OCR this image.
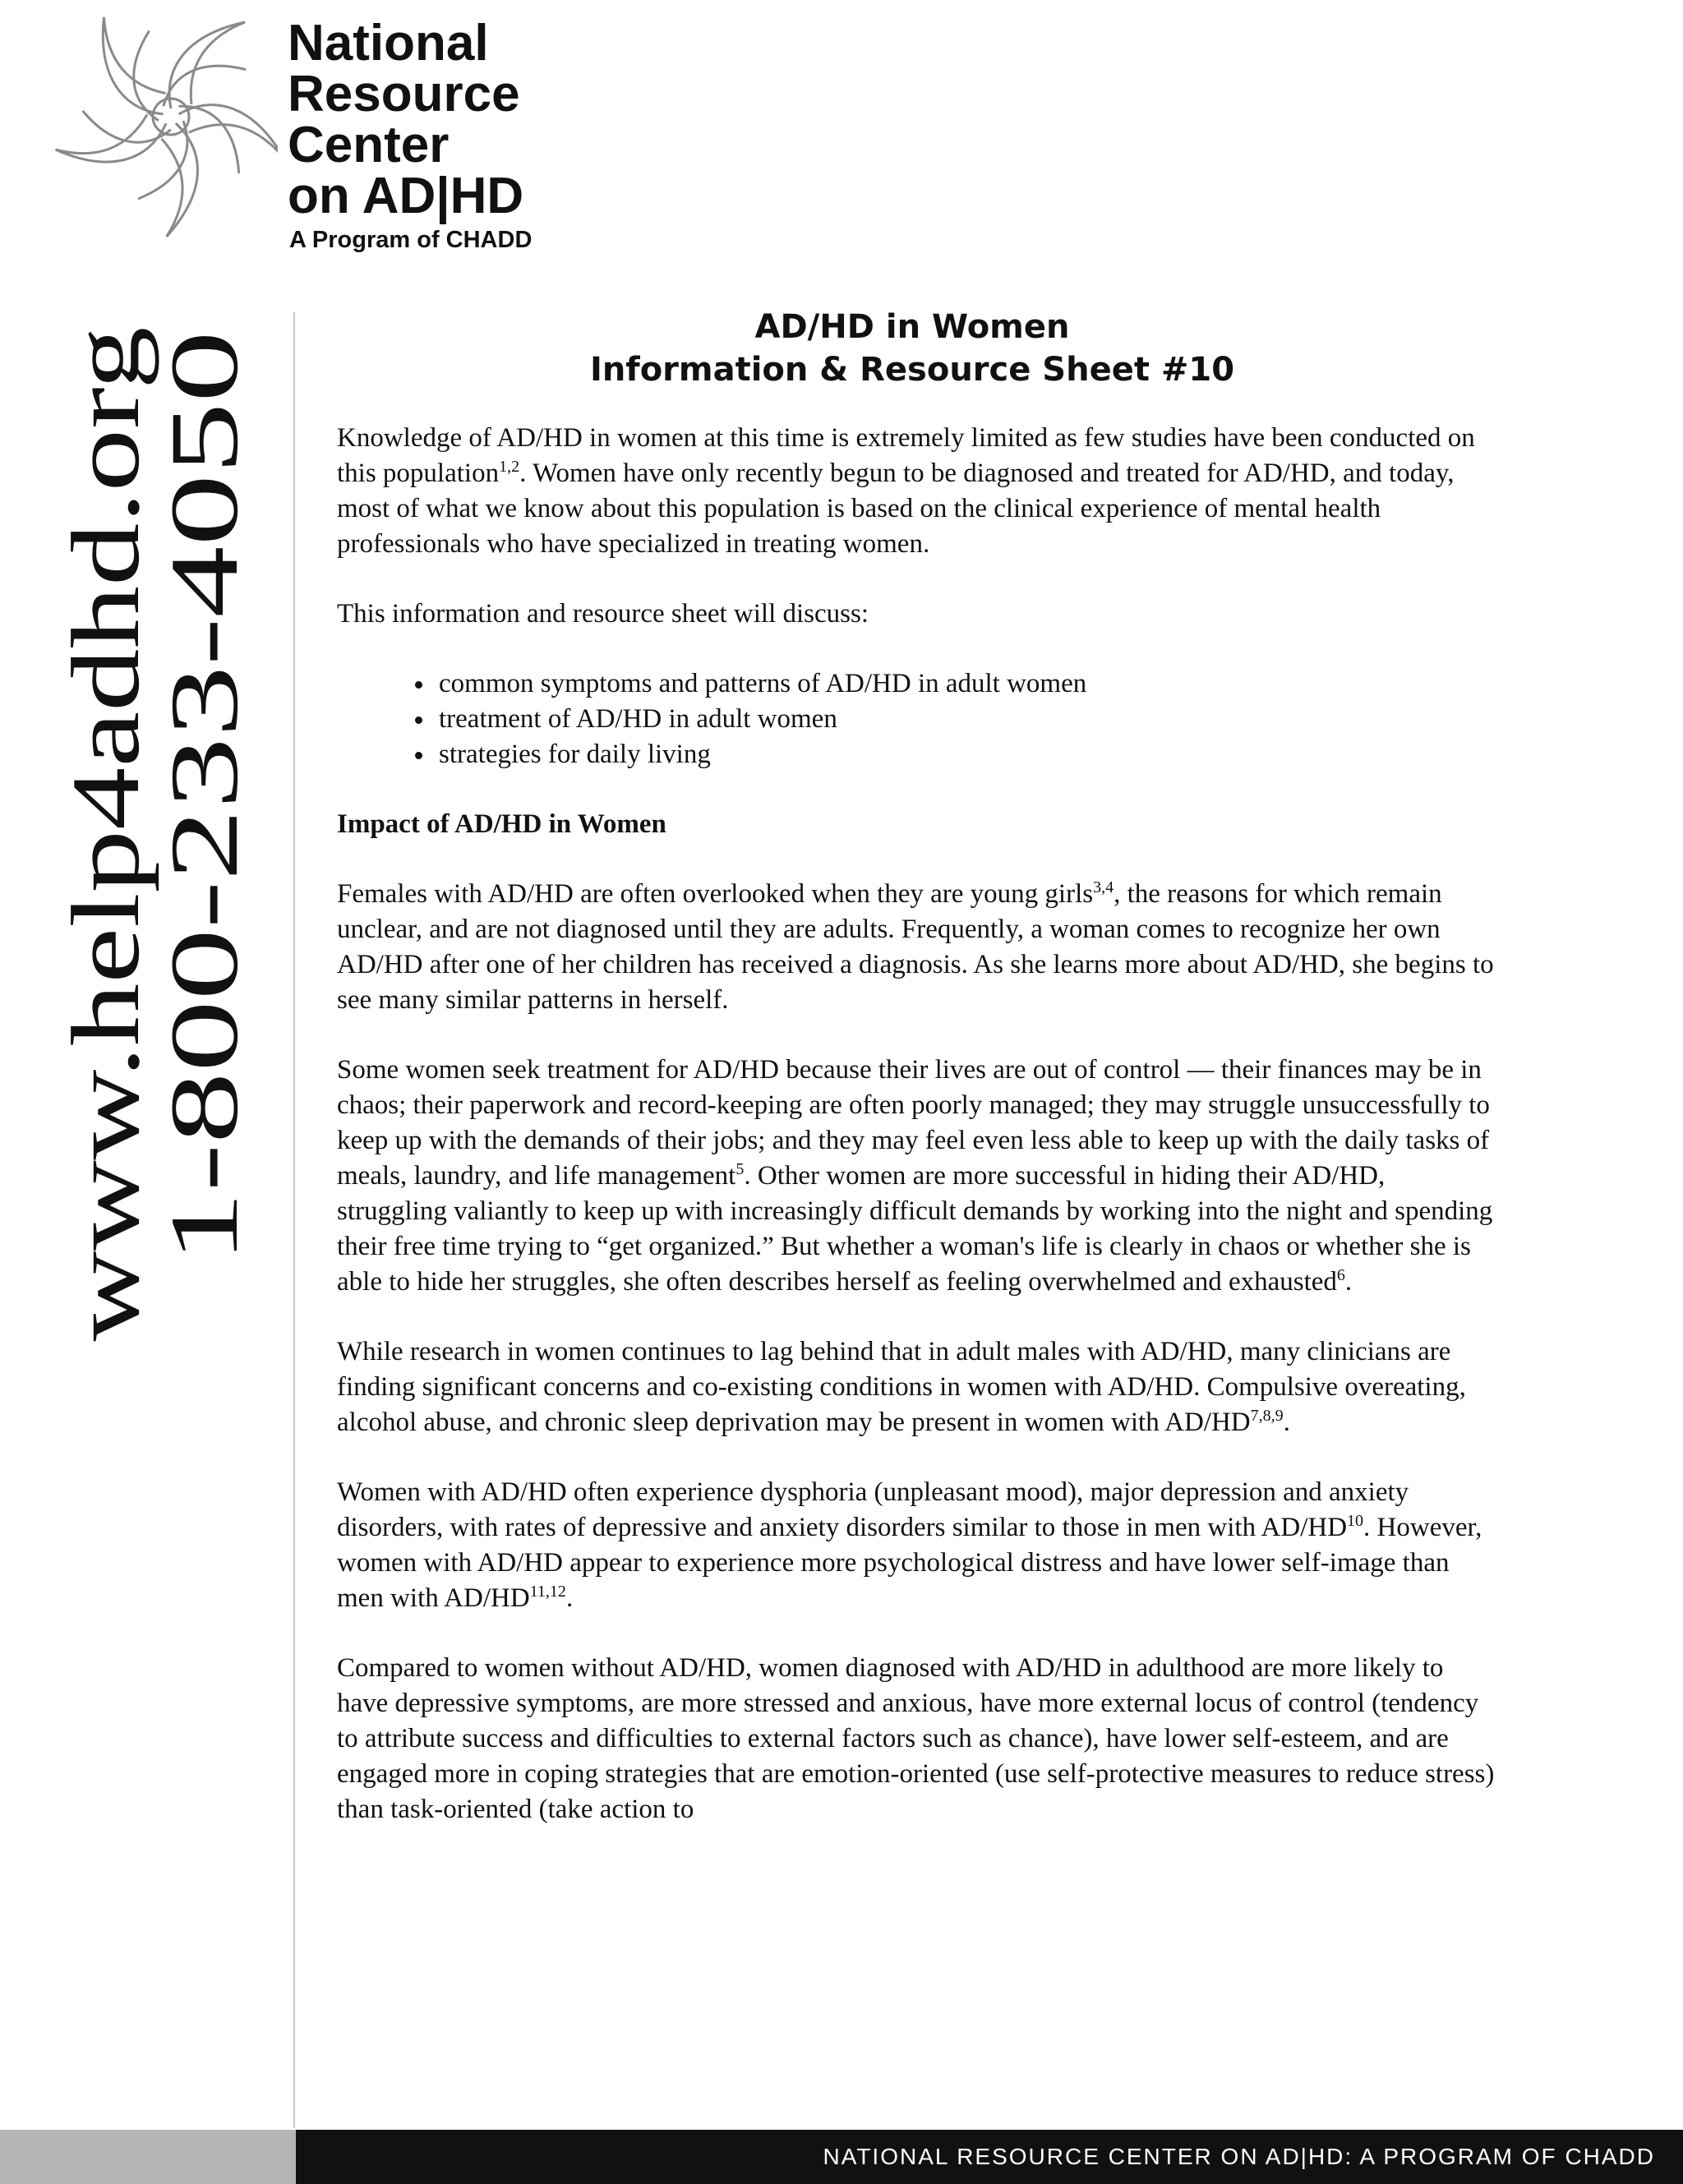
National
Resource
Center
on AD|HD
A Program of CHADD
www.help4adhd.org
1-800-233-4050
AD/HD in Women
Information & Resource Sheet #10

Knowledge of AD/HD in women at this time is extremely limited as few studies have been conducted on this population$^{1,2}$. Women have only recently begun to be diagnosed and treated for AD/HD, and today, most of what we know about this population is based on the clinical experience of mental health professionals who have specialized in treating women.

This information and resource sheet will discuss:

• common symptoms and patterns of AD/HD in adult women
• treatment of AD/HD in adult women
• strategies for daily living
Impact of AD/HD in Women

Females with AD/HD are often overlooked when they are young girls$^{3,4}$, the reasons for which remain unclear, and are not diagnosed until they are adults. Frequently, a woman comes to recognize her own AD/HD after one of her children has received a diagnosis. As she learns more about AD/HD, she begins to see many similar patterns in herself.

Some women seek treatment for AD/HD because their lives are out of control — their finances may be in chaos; their paperwork and record-keeping are often poorly managed; they may struggle unsuccessfully to keep up with the demands of their jobs; and they may feel even less able to keep up with the daily tasks of meals, laundry, and life management$^5$. Other women are more successful in hiding their AD/HD, struggling valiantly to keep up with increasingly difficult demands by working into the night and spending their free time trying to “get organized.” But whether a woman's life is clearly in chaos or whether she is able to hide her struggles, she often describes herself as feeling overwhelmed and exhausted$^6$.

While research in women continues to lag behind that in adult males with AD/HD, many clinicians are finding significant concerns and co-existing conditions in women with AD/HD. Compulsive overeating, alcohol abuse, and chronic sleep deprivation may be present in women with AD/HD$^{7,8,9}$.

Women with AD/HD often experience dysphoria (unpleasant mood), major depression and anxiety disorders, with rates of depressive and anxiety disorders similar to those in men with AD/HD$^{10}$. However, women with AD/HD appear to experience more psychological distress and have lower self-image than men with AD/HD$^{11,12}$.

Compared to women without AD/HD, women diagnosed with AD/HD in adulthood are more likely to have depressive symptoms, are more stressed and anxious, have more external locus of control (tendency to attribute success and difficulties to external factors such as chance), have lower self-esteem, and are engaged more in coping strategies that are emotion-oriented (use self-protective measures to reduce stress) than task-oriented (take action to

NATIONAL RESOURCE CENTER ON AD|HD: A PROGRAM OF CHADD
